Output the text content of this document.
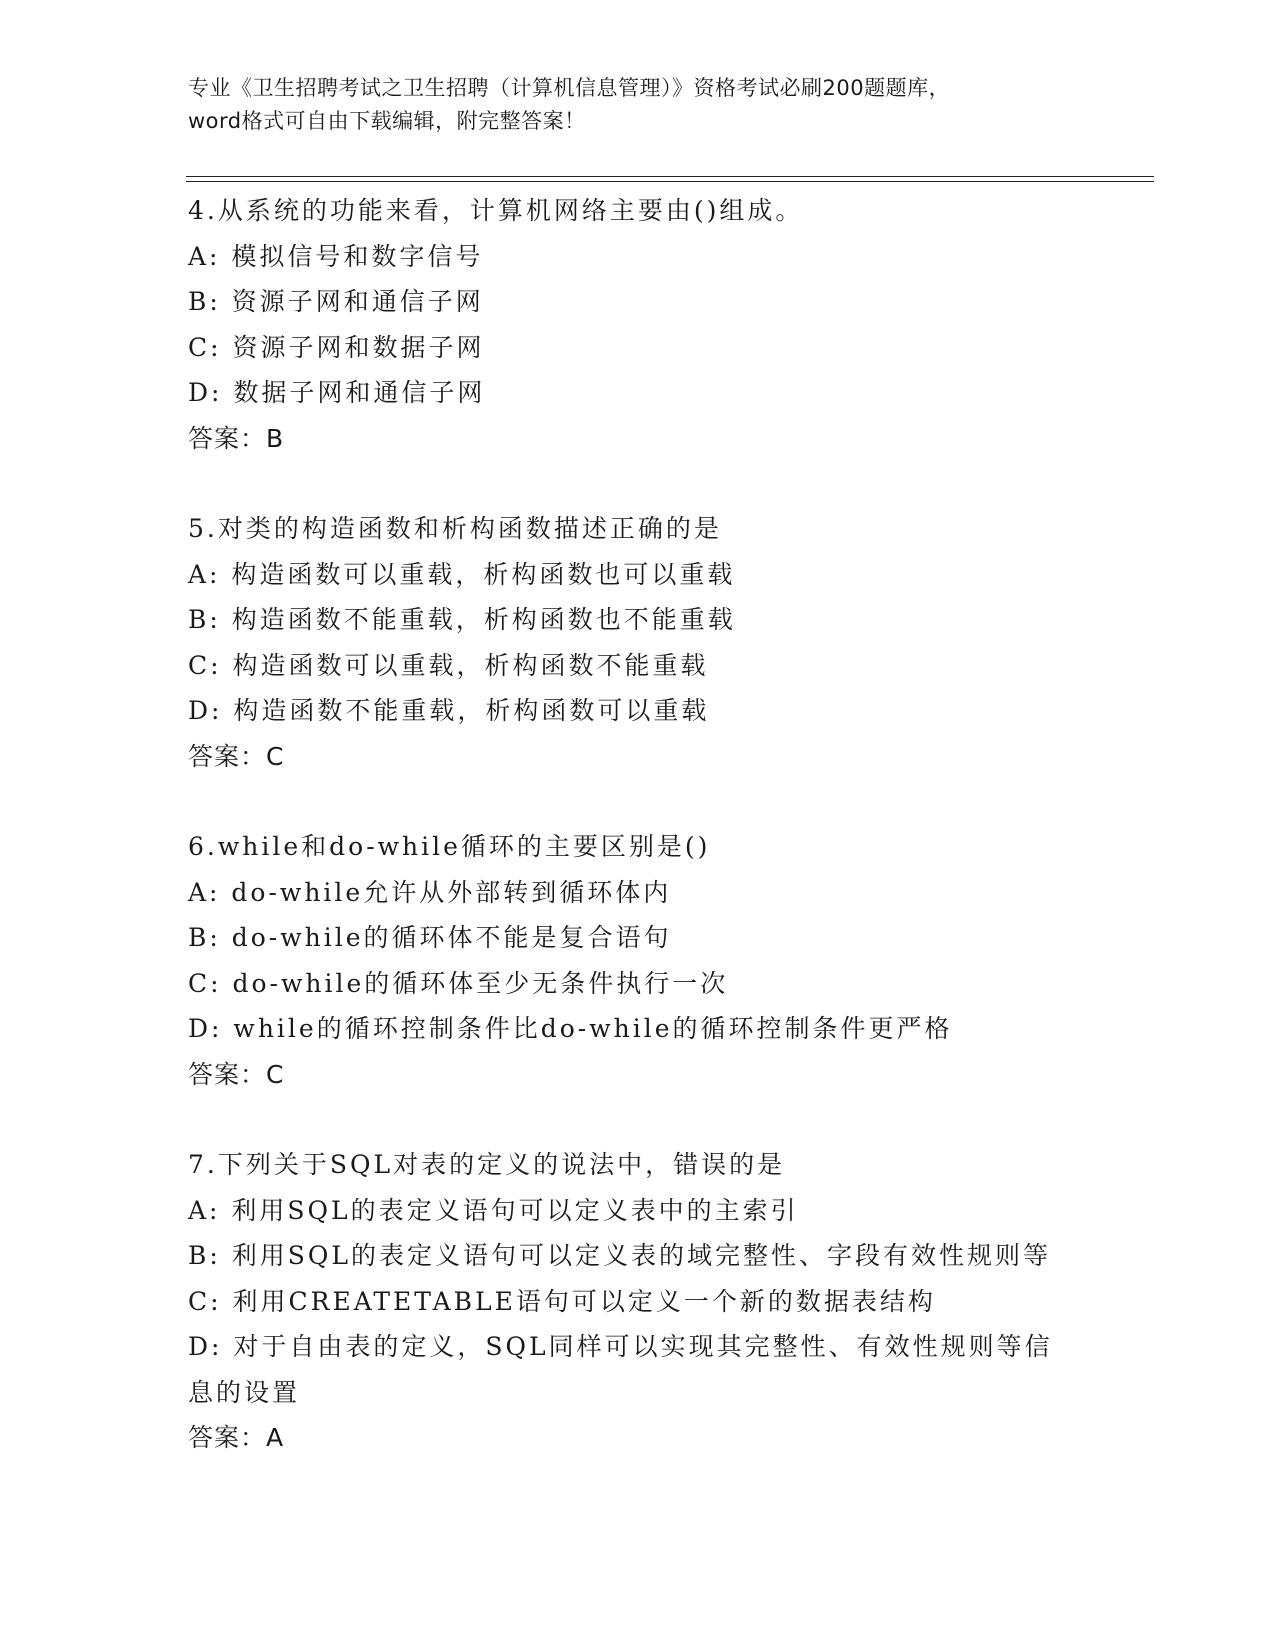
专业《卫生招聘考试之卫生招聘（计算机信息管理）》资格考试必刷200题题库，
word格式可自由下载编辑，附完整答案！
4.从系统的功能来看，计算机网络主要由()组成。
A: 模拟信号和数字信号
B: 资源子网和通信子网
C: 资源子网和数据子网
D: 数据子网和通信子网
答案：B
5.对类的构造函数和析构函数描述正确的是
A: 构造函数可以重载，析构函数也可以重载
B: 构造函数不能重载，析构函数也不能重载
C: 构造函数可以重载，析构函数不能重载
D: 构造函数不能重载，析构函数可以重载
答案：C
6.while和do-while循环的主要区别是()
A: do-while允许从外部转到循环体内
B: do-while的循环体不能是复合语句
C: do-while的循环体至少无条件执行一次
D: while的循环控制条件比do-while的循环控制条件更严格
答案：C
7.下列关于SQL对表的定义的说法中，错误的是
A: 利用SQL的表定义语句可以定义表中的主索引
B: 利用SQL的表定义语句可以定义表的域完整性、字段有效性规则等
C: 利用CREATETABLE语句可以定义一个新的数据表结构
D: 对于自由表的定义，SQL同样可以实现其完整性、有效性规则等信
息的设置
答案：A
